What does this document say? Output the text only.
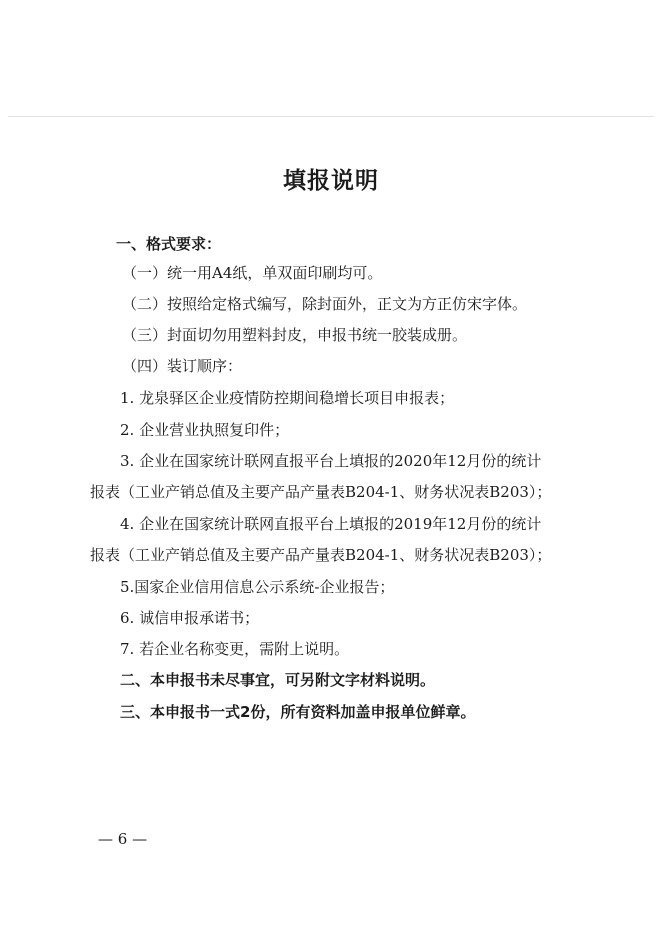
填报说明
一、格式要求：
（一）统一用A4纸，单双面印刷均可。
（二）按照给定格式编写，除封面外，正文为方正仿宋字体。
（三）封面切勿用塑料封皮，申报书统一胶装成册。
（四）装订顺序：
1. 龙泉驿区企业疫情防控期间稳增长项目申报表；
2. 企业营业执照复印件；
3. 企业在国家统计联网直报平台上填报的2020年12月份的统计
报表（工业产销总值及主要产品产量表B204-1、财务状况表B203）；
4. 企业在国家统计联网直报平台上填报的2019年12月份的统计
报表（工业产销总值及主要产品产量表B204-1、财务状况表B203）；
5.国家企业信用信息公示系统-企业报告；
6. 诚信申报承诺书；
7. 若企业名称变更，需附上说明。
二、本申报书未尽事宜，可另附文字材料说明。
三、本申报书一式2份，所有资料加盖申报单位鲜章。
— 6 —
